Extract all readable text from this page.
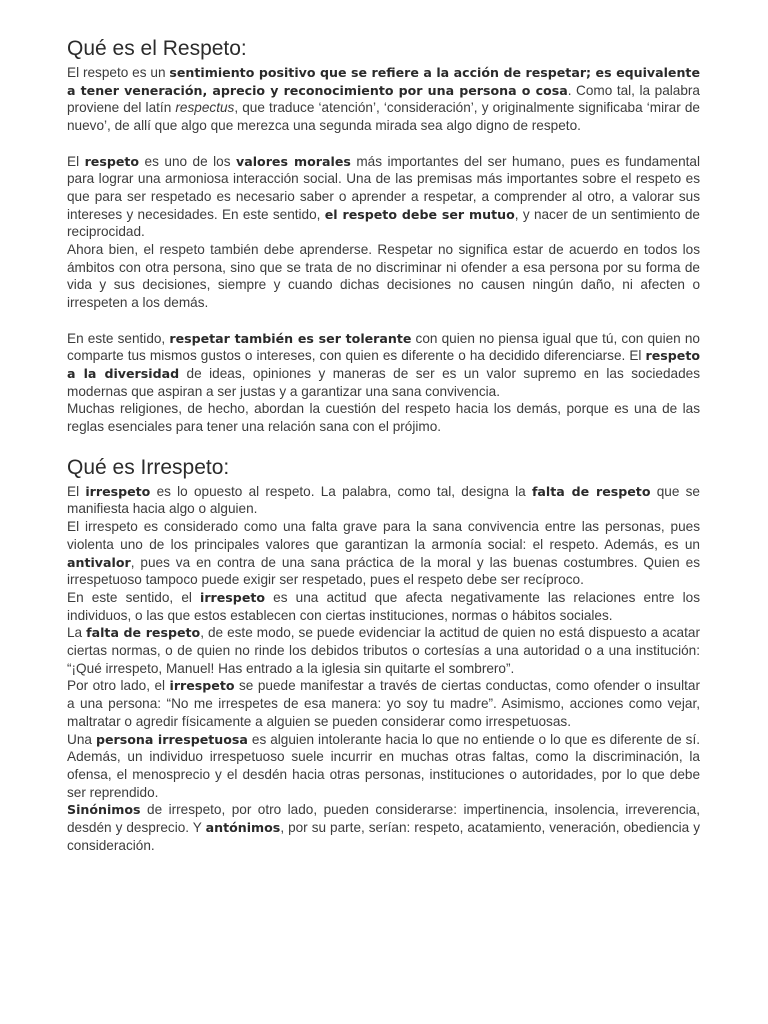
Qué es el Respeto:

El respeto es un sentimiento positivo que se refiere a la acción de respetar; es equivalente a tener veneración, aprecio y reconocimiento por una persona o cosa. Como tal, la palabra proviene del latín respectus, que traduce ‘atención’, ‘consideración’, y originalmente significaba ‘mirar de nuevo’, de allí que algo que merezca una segunda mirada sea algo digno de respeto.

El respeto es uno de los valores morales más importantes del ser humano, pues es fundamental para lograr una armoniosa interacción social. Una de las premisas más importantes sobre el respeto es que para ser respetado es necesario saber o aprender a respetar, a comprender al otro, a valorar sus intereses y necesidades. En este sentido, el respeto debe ser mutuo, y nacer de un sentimiento de reciprocidad.

Ahora bien, el respeto también debe aprenderse. Respetar no significa estar de acuerdo en todos los ámbitos con otra persona, sino que se trata de no discriminar ni ofender a esa persona por su forma de vida y sus decisiones, siempre y cuando dichas decisiones no causen ningún daño, ni afecten o irrespeten a los demás.

En este sentido, respetar también es ser tolerante con quien no piensa igual que tú, con quien no comparte tus mismos gustos o intereses, con quien es diferente o ha decidido diferenciarse. El respeto a la diversidad de ideas, opiniones y maneras de ser es un valor supremo en las sociedades modernas que aspiran a ser justas y a garantizar una sana convivencia.

Muchas religiones, de hecho, abordan la cuestión del respeto hacia los demás, porque es una de las reglas esenciales para tener una relación sana con el prójimo.

Qué es Irrespeto:

El irrespeto es lo opuesto al respeto. La palabra, como tal, designa la falta de respeto que se manifiesta hacia algo o alguien.

El irrespeto es considerado como una falta grave para la sana convivencia entre las personas, pues violenta uno de los principales valores que garantizan la armonía social: el respeto. Además, es un antivalor, pues va en contra de una sana práctica de la moral y las buenas costumbres. Quien es irrespetuoso tampoco puede exigir ser respetado, pues el respeto debe ser recíproco.

En este sentido, el irrespeto es una actitud que afecta negativamente las relaciones entre los individuos, o las que estos establecen con ciertas instituciones, normas o hábitos sociales.

La falta de respeto, de este modo, se puede evidenciar la actitud de quien no está dispuesto a acatar ciertas normas, o de quien no rinde los debidos tributos o cortesías a una autoridad o a una institución: “¡Qué irrespeto, Manuel! Has entrado a la iglesia sin quitarte el sombrero”.

Por otro lado, el irrespeto se puede manifestar a través de ciertas conductas, como ofender o insultar a una persona: “No me irrespetes de esa manera: yo soy tu madre”. Asimismo, acciones como vejar, maltratar o agredir físicamente a alguien se pueden considerar como irrespetuosas.

Una persona irrespetuosa es alguien intolerante hacia lo que no entiende o lo que es diferente de sí. Además, un individuo irrespetuoso suele incurrir en muchas otras faltas, como la discriminación, la ofensa, el menosprecio y el desdén hacia otras personas, instituciones o autoridades, por lo que debe ser reprendido.

Sinónimos de irrespeto, por otro lado, pueden considerarse: impertinencia, insolencia, irreverencia, desdén y desprecio. Y antónimos, por su parte, serían: respeto, acatamiento, veneración, obediencia y consideración.
